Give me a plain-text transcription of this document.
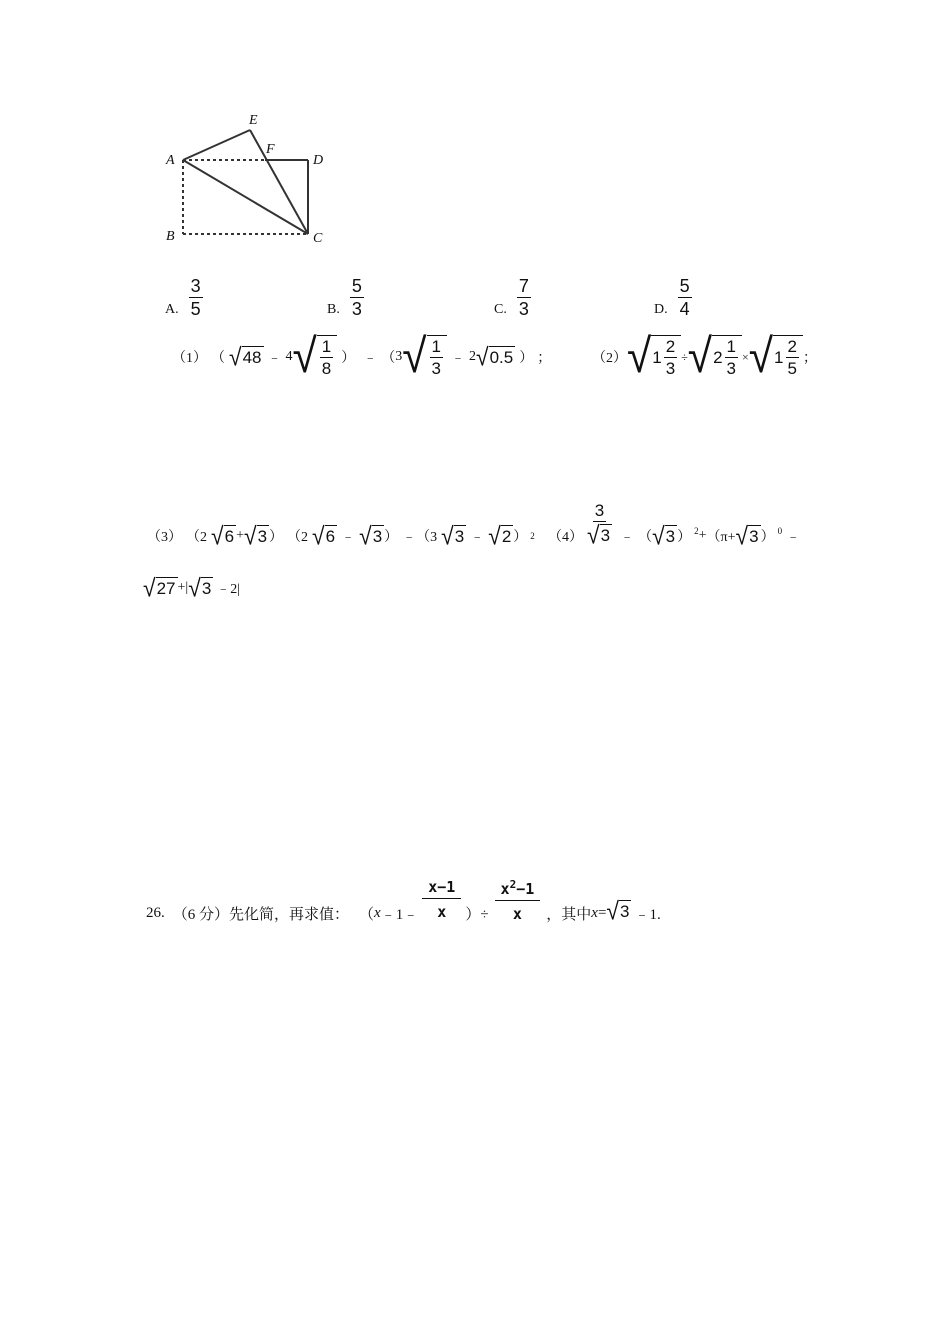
E
A
F
D
B	C
A. $\frac{3}{5}$	B. $\frac{5}{3}$	C. $\frac{7}{3}$	D. $\frac{5}{4}$
（1） （ √ 48 ﹣ 4 √ $\frac{1}{8}$ ） ﹣ （ 3 √ $\frac{1}{3}$ ﹣ 2 √ 0.5 ） ；	（2） √ $1 \frac{2}{3}$ ÷ √ $2 \frac{1}{3}$ × √ $1 \frac{2}{5}$ ；
（3） （2 √ 6 + √ 3 ） （2 √ 6 ﹣ √ 3 ） ﹣（3 √ 3 ﹣ √ 2 ） 2 $(4) \frac{3}{√ 3}$ ﹣ （ √ 3 ） 2 + （π+ √ 3 ） 0 ﹣
√ 27 +| √ 3 ﹣2|
26. （6 分）先化简，再求值： （ x ﹣1﹣ $\frac{x-1}{x}$ ）÷ $\frac{x^2-1}{x}$ ，其中 x = √ 3 ﹣1.
